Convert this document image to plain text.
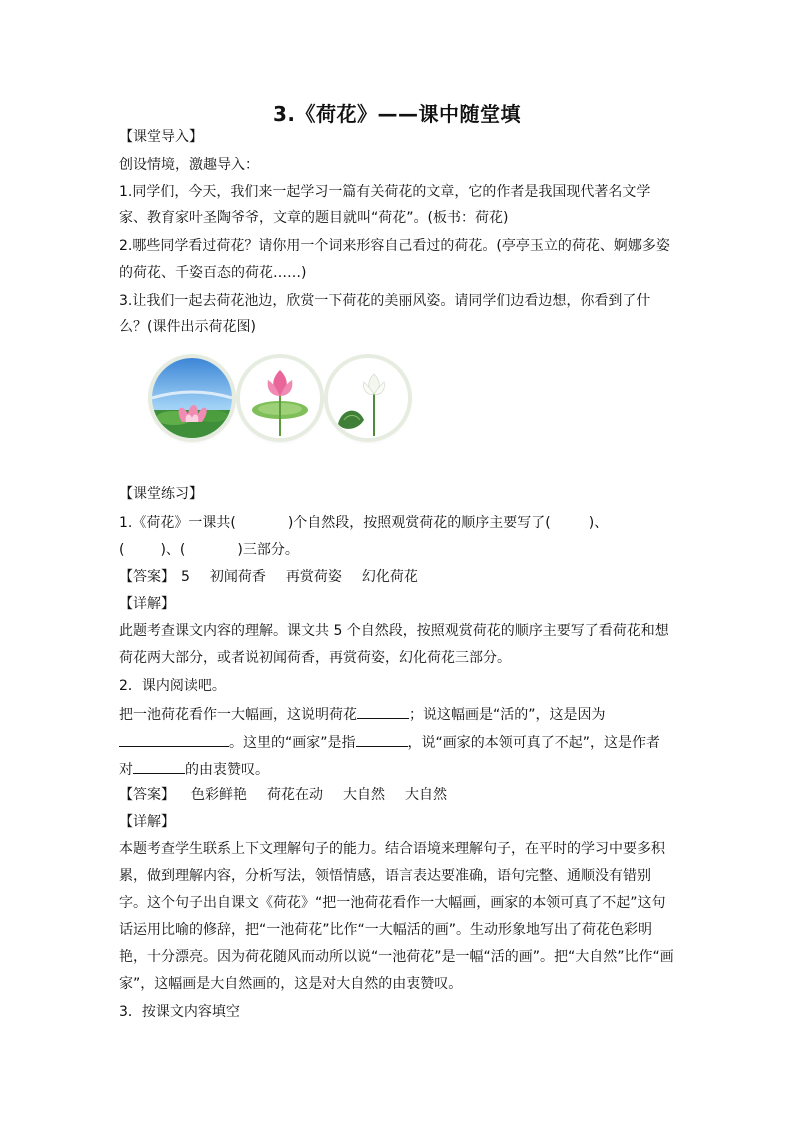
3.《荷花》——课中随堂填
【课堂导入】
创设情境，激趣导入：
1.同学们，今天，我们来一起学习一篇有关荷花的文章，它的作者是我国现代著名文学
家、教育家叶圣陶爷爷，文章的题目就叫“荷花”。(板书：荷花)
2.哪些同学看过荷花？请你用一个词来形容自己看过的荷花。(亭亭玉立的荷花、婀娜多姿
的荷花、千姿百态的荷花……)
3.让我们一起去荷花池边，欣赏一下荷花的美丽风姿。请同学们边看边想，你看到了什
么？(课件出示荷花图)
【课堂练习】
1.《荷花》一课共(	)个自然段，按照观赏荷花的顺序主要写了(	)、
(	)、(	)三部分。
【答案】 5 初闻荷香 再赏荷姿 幻化荷花
【详解】
此题考查课文内容的理解。课文共 5 个自然段，按照观赏荷花的顺序主要写了看荷花和想
荷花两大部分，或者说初闻荷香，再赏荷姿，幻化荷花三部分。
2．课内阅读吧。
把一池荷花看作一大幅画，这说明荷花	；说这幅画是“活的”，这是因为
。这里的“画家”是指	，说“画家的本领可真了不起”，这是作者
对	的由衷赞叹。
【答案】 色彩鲜艳 荷花在动 大自然 大自然
【详解】
本题考查学生联系上下文理解句子的能力。结合语境来理解句子，在平时的学习中要多积
累，做到理解内容，分析写法，领悟情感，语言表达要准确，语句完整、通顺没有错别
字。这个句子出自课文《荷花》“把一池荷花看作一大幅画，画家的本领可真了不起”这句
话运用比喻的修辞，把“一池荷花”比作“一大幅活的画”。生动形象地写出了荷花色彩明
艳，十分漂亮。因为荷花随风而动所以说“一池荷花”是一幅“活的画”。把“大自然”比作“画
家”，这幅画是大自然画的，这是对大自然的由衷赞叹。
3．按课文内容填空
